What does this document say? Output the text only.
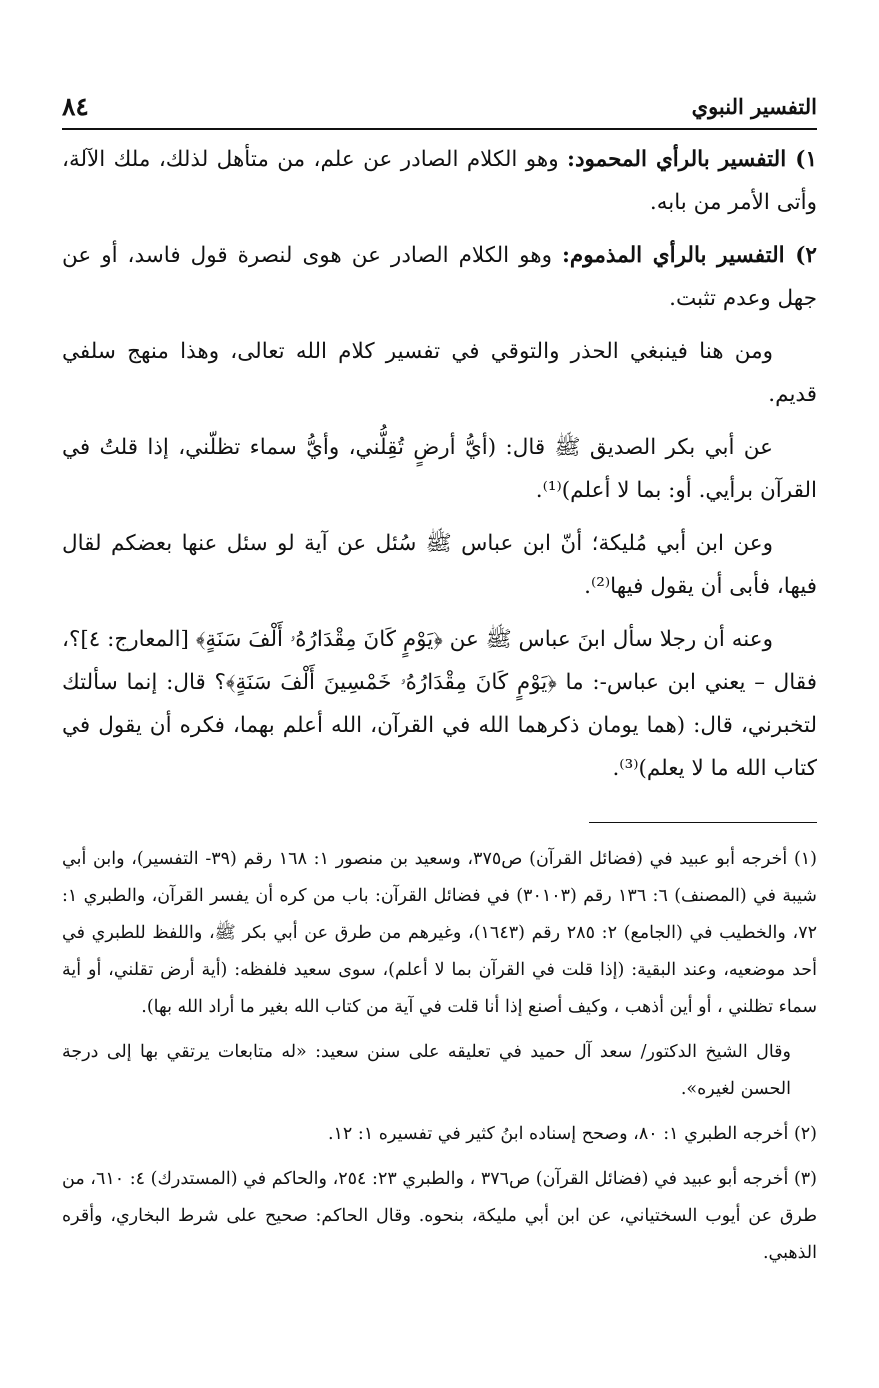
التفسير النبوي
٨٤

١) التفسير بالرأي المحمود: وهو الكلام الصادر عن علم، من متأهل لذلك، ملك الآلة، وأتى الأمر من بابه.

٢) التفسير بالرأي المذموم: وهو الكلام الصادر عن هوى لنصرة قول فاسد، أو عن جهل وعدم تثبت.

ومن هنا فينبغي الحذر والتوقي في تفسير كلام الله تعالى، وهذا منهج سلفي قديم.

عن أبي بكر الصديق ﷺ قال: (أيُّ أرضٍ تُقِلُّني، وأيُّ سماء تظلّني، إذا قلتُ في القرآن برأيي. أو: بما لا أعلم)⁽¹⁾.

وعن ابن أبي مُليكة؛ أنّ ابن عباس ﷺ سُئل عن آية لو سئل عنها بعضكم لقال فيها، فأبى أن يقول فيها⁽²⁾.

وعنه أن رجلا سأل ابنَ عباس ﷺ عن ﴿يَوْمٍ كَانَ مِقْدَارُهُۥ أَلْفَ سَنَةٍ﴾ [المعارج: ٤]؟، فقال – يعني ابن عباس-: ما ﴿يَوْمٍ كَانَ مِقْدَارُهُۥ خَمْسِينَ أَلْفَ سَنَةٍ﴾؟ قال: إنما سألتك لتخبرني، قال: (هما يومان ذكرهما الله في القرآن، الله أعلم بهما، فكره أن يقول في كتاب الله ما لا يعلم)⁽³⁾.

(١) أخرجه أبو عبيد في (فضائل القرآن) ص٣٧٥، وسعيد بن منصور ١: ١٦٨ رقم (٣٩- التفسير)، وابن أبي شيبة في (المصنف) ٦: ١٣٦ رقم (٣٠١٠٣) في فضائل القرآن: باب من كره أن يفسر القرآن، والطبري ١: ٧٢، والخطيب في (الجامع) ٢: ٢٨٥ رقم (١٦٤٣)، وغيرهم من طرق عن أبي بكر ﷺ، واللفظ للطبري في أحد موضعيه، وعند البقية: (إذا قلت في القرآن بما لا أعلم)، سوى سعيد فلفظه: (أية أرض تقلني، أو أية سماء تظلني ، أو أين أذهب ، وكيف أصنع إذا أنا قلت في آية من كتاب الله بغير ما أراد الله بها).

وقال الشيخ الدكتور/ سعد آل حميد في تعليقه على سنن سعيد: «له متابعات يرتقي بها إلى درجة الحسن لغيره».

(٢) أخرجه الطبري ١: ٨٠، وصحح إسناده ابنُ كثير في تفسيره ١: ١٢.

(٣) أخرجه أبو عبيد في (فضائل القرآن) ص٣٧٦ ، والطبري ٢٣: ٢٥٤، والحاكم في (المستدرك) ٤: ٦١٠، من طرق عن أيوب السختياني، عن ابن أبي مليكة، بنحوه. وقال الحاكم: صحيح على شرط البخاري، وأقره الذهبي.
